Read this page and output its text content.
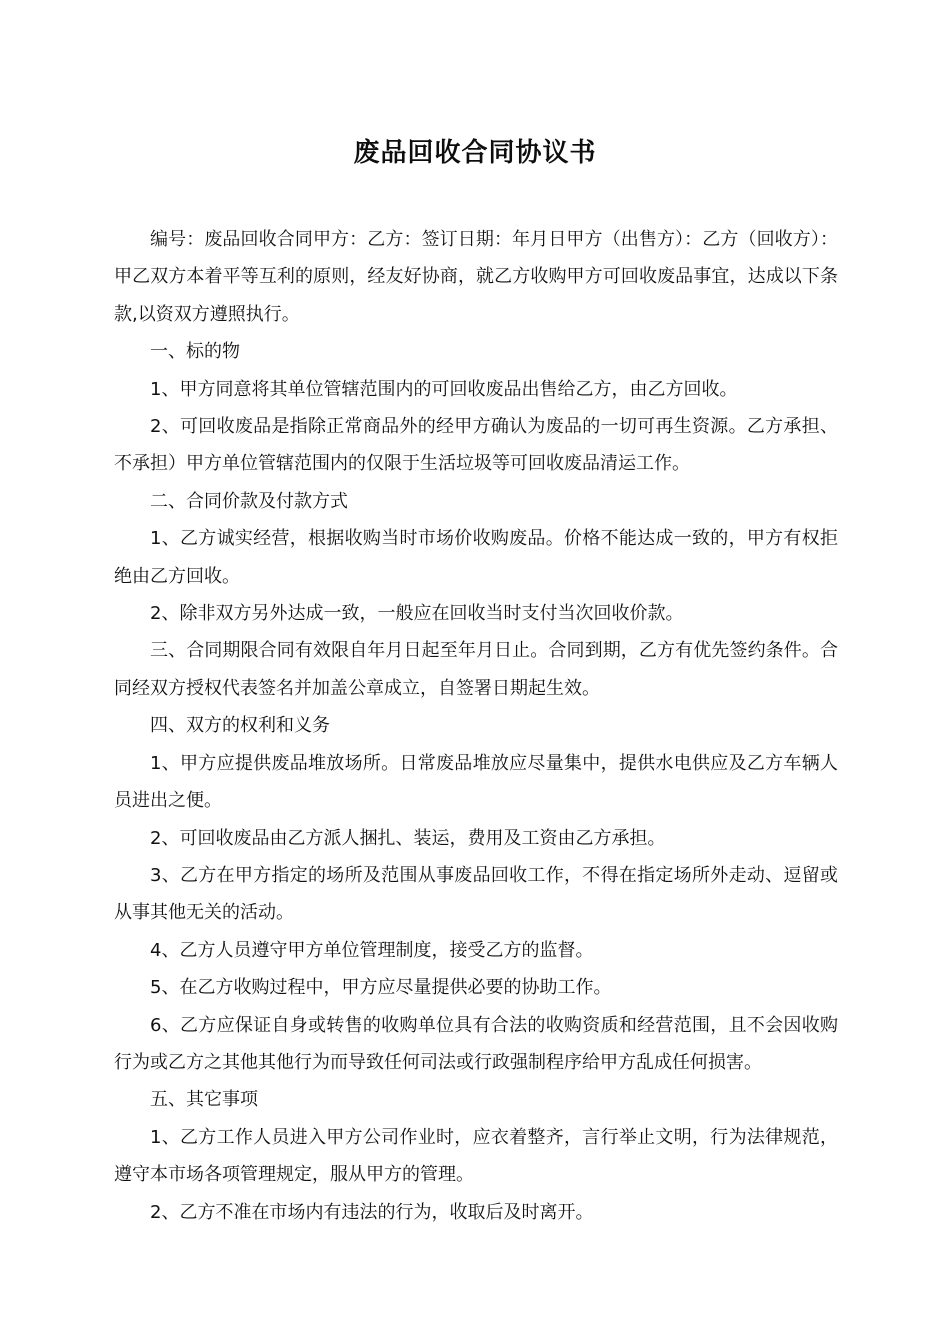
废品回收合同协议书

编号：废品回收合同甲方：乙方：签订日期：年月日甲方（出售方）：乙方（回收方）：甲乙双方本着平等互利的原则，经友好协商，就乙方收购甲方可回收废品事宜，达成以下条款,以资双方遵照执行。

一、标的物

1、甲方同意将其单位管辖范围内的可回收废品出售给乙方，由乙方回收。

2、可回收废品是指除正常商品外的经甲方确认为废品的一切可再生资源。乙方承担、不承担）甲方单位管辖范围内的仅限于生活垃圾等可回收废品清运工作。

二、合同价款及付款方式

1、乙方诚实经营，根据收购当时市场价收购废品。价格不能达成一致的，甲方有权拒绝由乙方回收。

2、除非双方另外达成一致，一般应在回收当时支付当次回收价款。

三、合同期限合同有效限自年月日起至年月日止。合同到期，乙方有优先签约条件。合同经双方授权代表签名并加盖公章成立，自签署日期起生效。

四、双方的权利和义务

1、甲方应提供废品堆放场所。日常废品堆放应尽量集中，提供水电供应及乙方车辆人员进出之便。

2、可回收废品由乙方派人捆扎、装运，费用及工资由乙方承担。

3、乙方在甲方指定的场所及范围从事废品回收工作，不得在指定场所外走动、逗留或从事其他无关的活动。

4、乙方人员遵守甲方单位管理制度，接受乙方的监督。

5、在乙方收购过程中，甲方应尽量提供必要的协助工作。

6、乙方应保证自身或转售的收购单位具有合法的收购资质和经营范围，且不会因收购行为或乙方之其他其他行为而导致任何司法或行政强制程序给甲方乱成任何损害。

五、其它事项

1、乙方工作人员进入甲方公司作业时，应衣着整齐，言行举止文明，行为法律规范，遵守本市场各项管理规定，服从甲方的管理。

2、乙方不准在市场内有违法的行为，收取后及时离开。
